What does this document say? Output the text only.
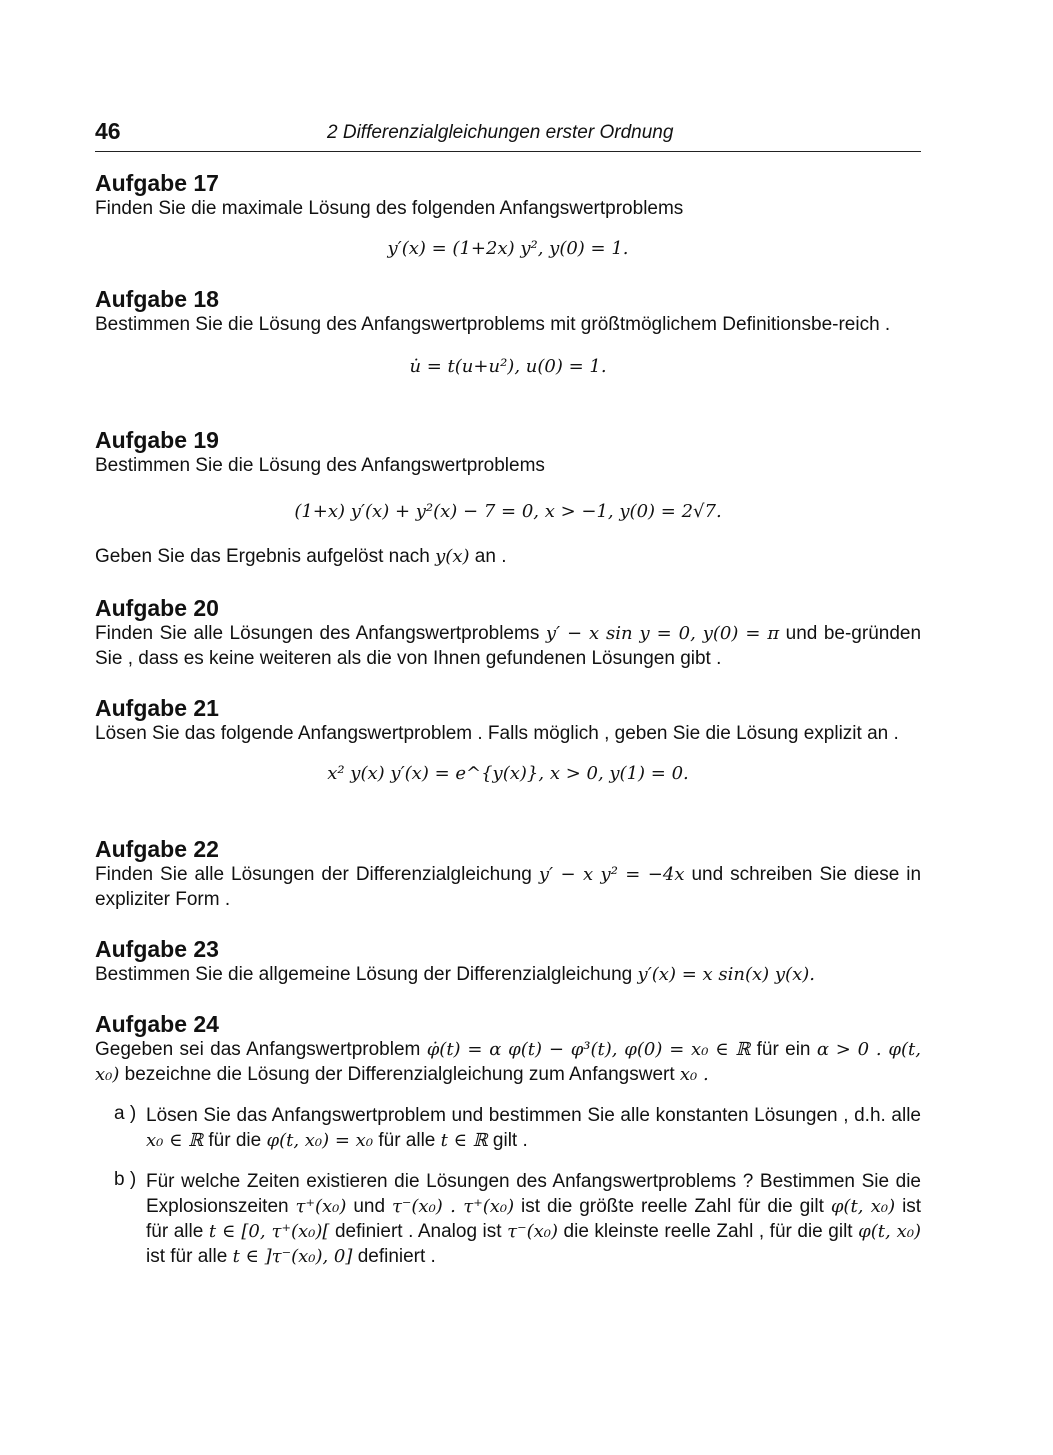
46	2 Differenzialgleichungen erster Ordnung
Aufgabe 17

Finden Sie die maximale Lösung des folgenden Anfangswertproblems

y′(x) = (1+2x) y², y(0) = 1.
Aufgabe 18

Bestimmen Sie die Lösung des Anfangswertproblems mit größtmöglichem Definitionsbe-reich .

u̇ = t(u+u²), u(0) = 1.
Aufgabe 19

Bestimmen Sie die Lösung des Anfangswertproblems

(1+x) y′(x) + y²(x) − 7 = 0, x > −1, y(0) = 2√7.

Geben Sie das Ergebnis aufgelöst nach y(x) an .

Aufgabe 20

Finden Sie alle Lösungen des Anfangswertproblems y′ − x sin y = 0, y(0) = π und be-gründen Sie , dass es keine weiteren als die von Ihnen gefundenen Lösungen gibt .

Aufgabe 21

Lösen Sie das folgende Anfangswertproblem . Falls möglich , geben Sie die Lösung explizit an .

x² y(x) y′(x) = e^{y(x)}, x > 0, y(1) = 0.
Aufgabe 22

Finden Sie alle Lösungen der Differenzialgleichung y′ − x y² = −4x und schreiben Sie diese in expliziter Form .

Aufgabe 23

Bestimmen Sie die allgemeine Lösung der Differenzialgleichung y′(x) = x sin(x) y(x).

Aufgabe 24

Gegeben sei das Anfangswertproblem φ̇(t) = α φ(t) − φ³(t), φ(0) = x₀ ∈ ℝ für ein α > 0 . φ(t, x₀) bezeichne die Lösung der Differenzialgleichung zum Anfangswert x₀ .

a ) Lösen Sie das Anfangswertproblem und bestimmen Sie alle konstanten Lösungen , d.h. alle x₀ ∈ ℝ für die φ(t, x₀) = x₀ für alle t ∈ ℝ gilt .

b ) Für welche Zeiten existieren die Lösungen des Anfangswertproblems ? Bestimmen Sie die Explosionszeiten τ⁺(x₀) und τ⁻(x₀) . τ⁺(x₀) ist die größte reelle Zahl für die gilt φ(t, x₀) ist für alle t ∈ [0, τ⁺(x₀)[ definiert . Analog ist τ⁻(x₀) die kleinste reelle Zahl , für die gilt φ(t, x₀) ist für alle t ∈ ]τ⁻(x₀), 0] definiert .
